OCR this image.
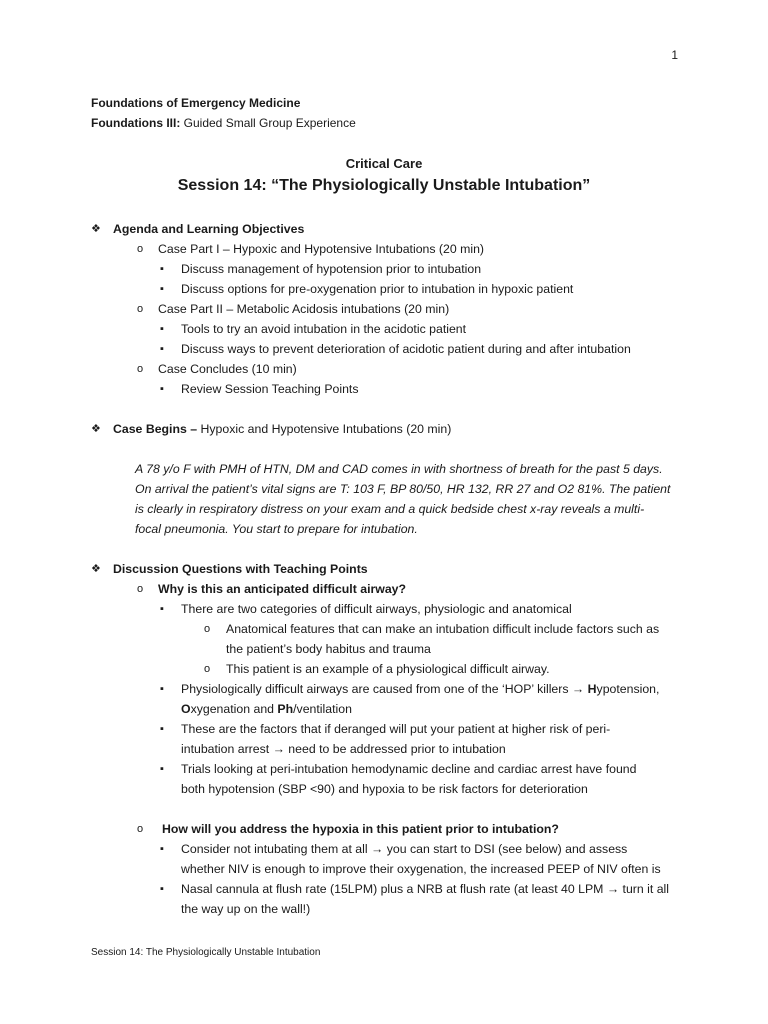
1
Foundations of Emergency Medicine
Foundations III: Guided Small Group Experience
Critical Care
Session 14: “The Physiologically Unstable Intubation”
❖ Agenda and Learning Objectives
o Case Part I – Hypoxic and Hypotensive Intubations (20 min)
▪ Discuss management of hypotension prior to intubation
▪ Discuss options for pre-oxygenation prior to intubation in hypoxic patient
o Case Part II – Metabolic Acidosis intubations (20 min)
▪ Tools to try an avoid intubation in the acidotic patient
▪ Discuss ways to prevent deterioration of acidotic patient during and after intubation
o Case Concludes (10 min)
▪ Review Session Teaching Points
❖ Case Begins – Hypoxic and Hypotensive Intubations (20 min)
A 78 y/o F with PMH of HTN, DM and CAD comes in with shortness of breath for the past 5 days.
On arrival the patient’s vital signs are T: 103 F, BP 80/50, HR 132, RR 27 and O2 81%. The patient
is clearly in respiratory distress on your exam and a quick bedside chest x-ray reveals a multi-
focal pneumonia. You start to prepare for intubation.
❖ Discussion Questions with Teaching Points
o Why is this an anticipated difficult airway?
▪ There are two categories of difficult airways, physiologic and anatomical
o Anatomical features that can make an intubation difficult include factors such as
the patient’s body habitus and trauma
o This patient is an example of a physiological difficult airway.
▪ Physiologically difficult airways are caused from one of the ‘HOP’ killers → Hypotension,
Oxygenation and Ph/ventilation
▪ These are the factors that if deranged will put your patient at higher risk of peri-
intubation arrest → need to be addressed prior to intubation
▪ Trials looking at peri-intubation hemodynamic decline and cardiac arrest have found
both hypotension (SBP <90) and hypoxia to be risk factors for deterioration
o How will you address the hypoxia in this patient prior to intubation?
▪ Consider not intubating them at all → you can start to DSI (see below) and assess
whether NIV is enough to improve their oxygenation, the increased PEEP of NIV often is
▪ Nasal cannula at flush rate (15LPM) plus a NRB at flush rate (at least 40 LPM → turn it all
the way up on the wall!)
Session 14: The Physiologically Unstable Intubation
